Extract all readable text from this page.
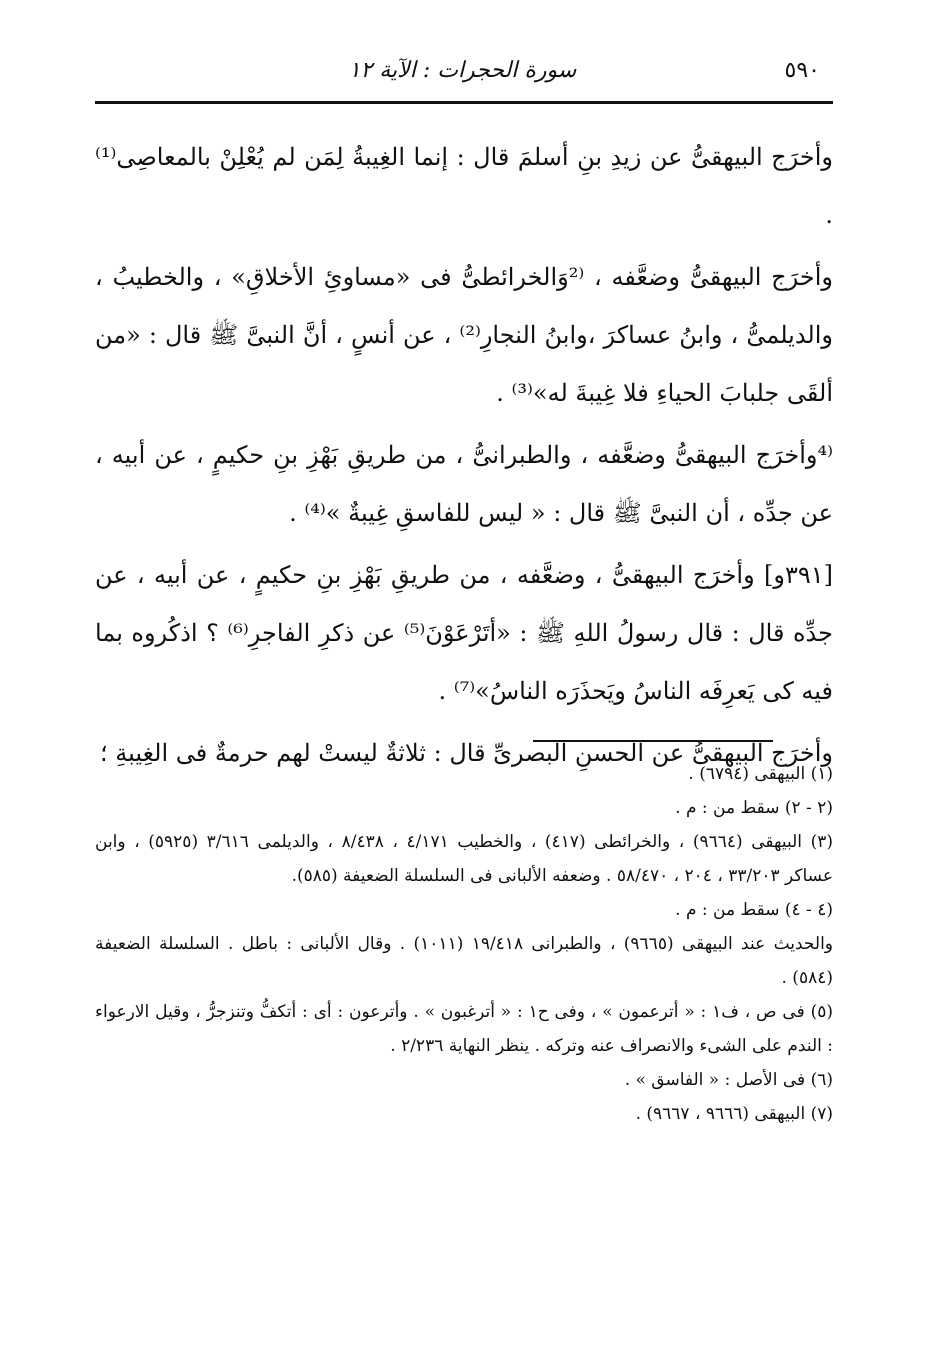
٥٩٠
سورة الحجرات : الآية ١٢

وأخرَج البيهقىُّ عن زيدِ بنِ أسلمَ قال : إنما الغِيبةُ لِمَن لم يُعْلِنْ بالمعاصِى⁽¹⁾ .

وأخرَج البيهقىُّ وضعَّفه ، ⁽²وَالخرائطىُّ فى «مساوئِ الأخلاقِ» ، والخطيبُ ، والديلمىُّ ، وابنُ عساكرَ ،وابنُ النجارِ⁽²⁾ ، عن أنسٍ ، أنَّ النبىَّ ﷺ قال : «من ألقَى جلبابَ الحياءِ فلا غِيبةَ له»⁽³⁾ .

⁽⁴وأخرَج البيهقىُّ وضعَّفه ، والطبرانىُّ ، من طريقِ بَهْزِ بنِ حكيمٍ ، عن أبيه ، عن جدِّه ، أن النبىَّ ﷺ قال : « ليس للفاسقِ غِيبةٌ »⁽⁴⁾ .

[٣٩١و] وأخرَج البيهقىُّ ، وضعَّفه ، من طريقِ بَهْزِ بنِ حكيمٍ ، عن أبيه ، عن جدِّه قال : قال رسولُ اللهِ ﷺ : «أتَرْعَوْنَ⁽⁵⁾ عن ذكرِ الفاجرِ⁽⁶⁾ ؟ اذكُروه بما فيه كى يَعرِفَه الناسُ ويَحذَرَه الناسُ»⁽⁷⁾ .

وأخرَج البيهقىُّ عن الحسنِ البصرىِّ قال : ثلاثةٌ ليستْ لهم حرمةٌ فى الغِيبةِ ؛

(١) البيهقى (٦٧٩٤) .

(٢ - ٢) سقط من : م .

(٣) البيهقى (٩٦٦٤) ، والخرائطى (٤١٧) ، والخطيب ٤/١٧١ ، ٨/٤٣٨ ، والديلمى ٣/٦١٦ (٥٩٢٥) ، وابن عساكر ٣٣/٢٠٣ ، ٢٠٤ ، ٥٨/٤٧٠ . وضعفه الألبانى فى السلسلة الضعيفة (٥٨٥).

(٤ - ٤) سقط من : م .

والحديث عند البيهقى (٩٦٦٥) ، والطبرانى ١٩/٤١٨ (١٠١١) . وقال الألبانى : باطل . السلسلة الضعيفة (٥٨٤) .

(٥) فى ص ، ف١ : « أترعمون » ، وفى ح١ : « أترغبون » . وأترعون : أى : أتكفُّ وتنزجرُّ ، وقيل الارعواء : الندم على الشىء والانصراف عنه وتركه . ينظر النهاية ٢/٢٣٦ .

(٦) فى الأصل : « الفاسق » .

(٧) البيهقى (٩٦٦٦ ، ٩٦٦٧) .
